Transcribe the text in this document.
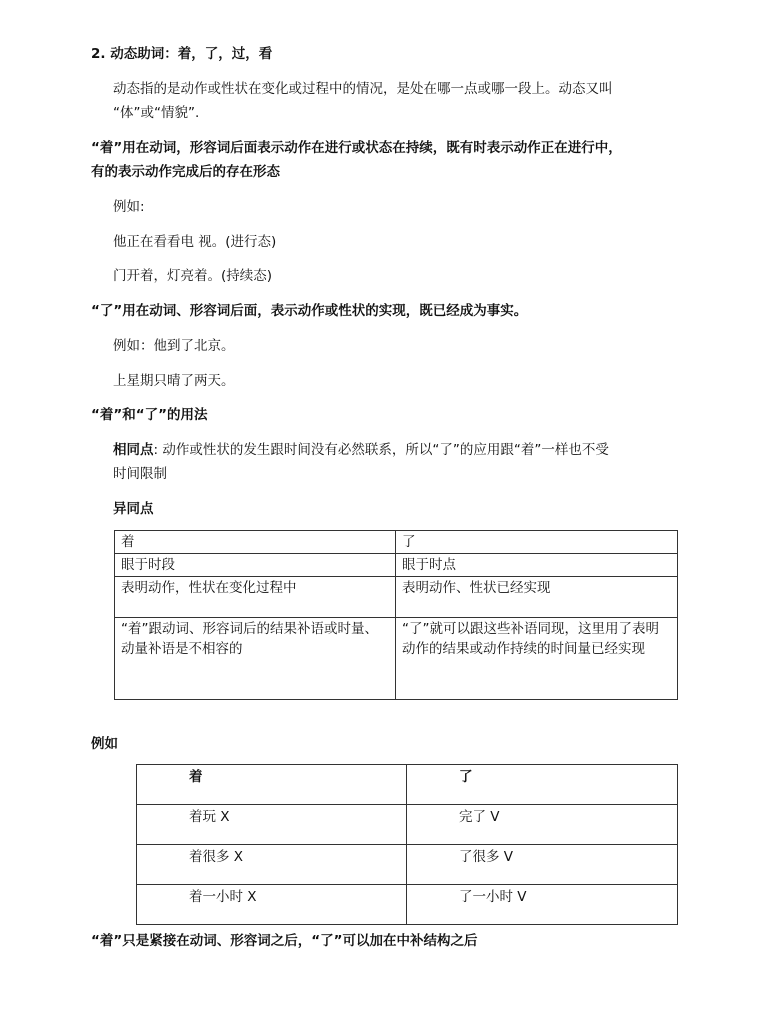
2. 动态助词：着，了，过，看
动态指的是动作或性状在变化或过程中的情况，是处在哪一点或哪一段上。动态又叫
“体”或“情貌”.
“着”用在动词，形容词后面表示动作在进行或状态在持续，既有时表示动作正在进行中，
有的表示动作完成后的存在形态
例如:
他正在看看电 视。(进行态)
门开着，灯亮着。(持续态)
“了”用在动词、形容词后面，表示动作或性状的实现，既已经成为事实。
例如：他到了北京。
上星期只晴了两天。
“着”和“了”的用法
相同点: 动作或性状的发生跟时间没有必然联系，所以“了”的应用跟“着”一样也不受
时间限制
异同点
着	了
眼于时段	眼于时点
表明动作，性状在变化过程中	表明动作、性状已经实现
“着”跟动词、形容词后的结果补语或时量、动量补语是不相容的	“了”就可以跟这些补语同现，这里用了表明动作的结果或动作持续的时间量已经实现
例如
着	了
着玩 X	完了 V
着很多 X	了很多 V
着一小时 X	了一小时 V
“着”只是紧接在动词、形容词之后，“了”可以加在中补结构之后
